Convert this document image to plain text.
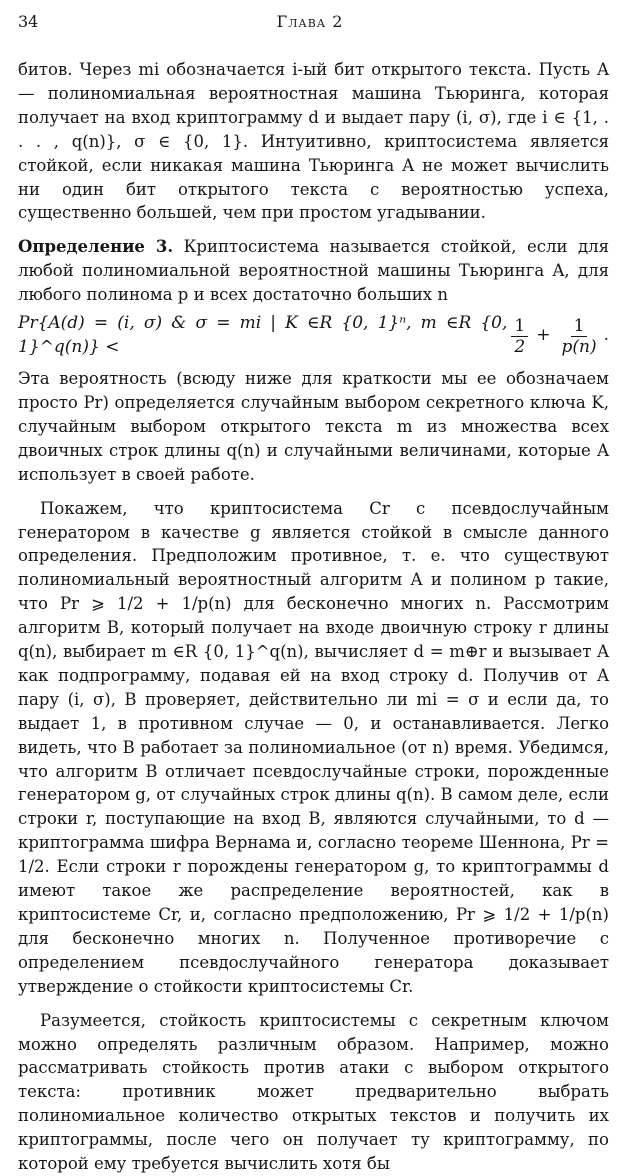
34	Глава 2

битов. Через mi обозначается i-ый бит открытого текста. Пусть A — полиномиальная вероятностная машина Тьюринга, которая получает на вход криптограмму d и выдает пару (i, σ), где i ∈ {1, . . . , q(n)}, σ ∈ {0, 1}. Интуитивно, криптосистема является стойкой, если никакая машина Тьюринга A не может вычислить ни один бит открытого текста с вероятностью успеха, существенно большей, чем при простом угадывании.

Определение 3. Криптосистема называется стойкой, если для любой полиномиальной вероятностной машины Тьюринга A, для любого полинома p и всех достаточно больших n

Pr{A(d) = (i, σ) & σ = mi | K ∈R {0, 1}ⁿ, m ∈R {0, 1}^q(n)} <	$\frac{1}{2} + \frac{1}{p(n)}$ .

Эта вероятность (всюду ниже для краткости мы ее обозначаем просто Pr) определяется случайным выбором секретного ключа K, случайным выбором открытого текста m из множества всех двоичных строк длины q(n) и случайными величинами, которые A использует в своей работе.

Покажем, что криптосистема Cr с псевдослучайным генератором в качестве g является стойкой в смысле данного определения. Предположим противное, т. е. что существуют полиномиальный вероятностный алгоритм A и полином p такие, что Pr ⩾ 1/2 + 1/p(n) для бесконечно многих n. Рассмотрим алгоритм B, который получает на входе двоичную строку r длины q(n), выбирает m ∈R {0, 1}^q(n), вычисляет d = m⊕r и вызывает A как подпрограмму, подавая ей на вход строку d. Получив от A пару (i, σ), B проверяет, действительно ли mi = σ и если да, то выдает 1, в противном случае — 0, и останавливается. Легко видеть, что B работает за полиномиальное (от n) время. Убедимся, что алгоритм B отличает псевдослучайные строки, порожденные генератором g, от случайных строк длины q(n). В самом деле, если строки r, поступающие на вход B, являются случайными, то d — криптограмма шифра Вернама и, согласно теореме Шеннона, Pr = 1/2. Если строки r порождены генератором g, то криптограммы d имеют такое же распределение вероятностей, как в криптосистеме Cr, и, согласно предположению, Pr ⩾ 1/2 + 1/p(n) для бесконечно многих n. Полученное противоречие с определением псевдослучайного генератора доказывает утверждение о стойкости криптосистемы Cr.

Разумеется, стойкость криптосистемы с секретным ключом можно определять различным образом. Например, можно рассматривать стойкость против атаки с выбором открытого текста: противник может предварительно выбрать полиномиальное количество открытых текстов и получить их криптограммы, после чего он получает ту криптограмму, по которой ему требуется вычислить хотя бы
